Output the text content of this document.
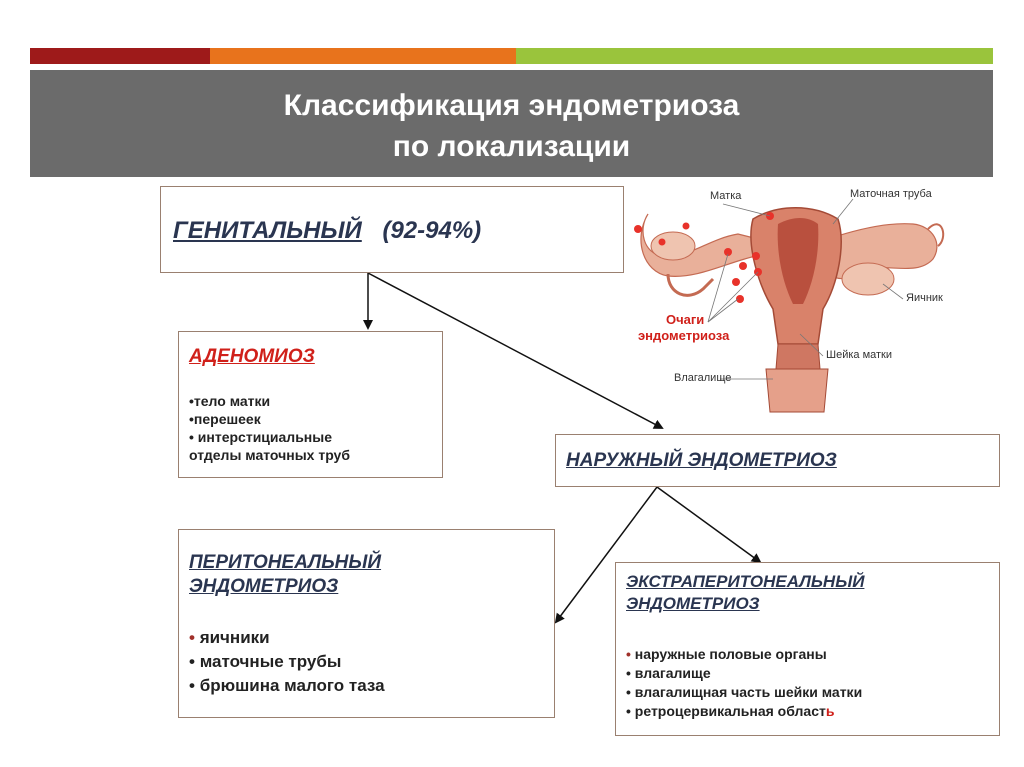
Классификация эндометриоза
по локализации
ГЕНИТАЛЬНЫЙ (92-94%)
АДЕНОМИОЗ
•тело матки
•перешеек
• интерстициальные
отделы маточных труб	НАРУЖНЫЙ ЭНДОМЕТРИОЗ
ПЕРИТОНЕАЛЬНЫЙ
ЭНДОМЕТРИОЗ
• яичники
• маточные трубы
• брюшина малого таза
ЭКСТРАПЕРИТОНЕАЛЬНЫЙ
ЭНДОМЕТРИОЗ
• наружные половые органы
• влагалище
• влагалищная часть шейки матки
• ретроцервикальная область
Матка	Маточная труба
Яичник
Очаги
эндометриоза
Шейка матки
Влагалище
